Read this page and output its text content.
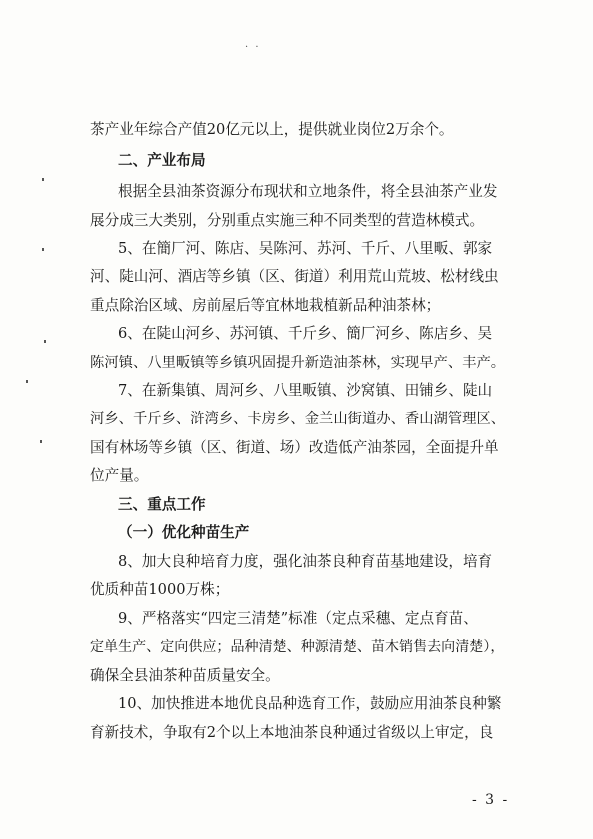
· ·
茶产业年综合产值20亿元以上，提供就业岗位2万余个。
二、产业布局
根据全县油茶资源分布现状和立地条件，将全县油茶产业发
展分成三大类别，分别重点实施三种不同类型的营造林模式。
5、在簡厂河、陈店、吴陈河、苏河、千斤、八里畈、郭家
河、陡山河、酒店等乡镇（区、街道）利用荒山荒坡、松材线虫
重点除治区域、房前屋后等宜林地栽植新品种油茶林；
6、在陡山河乡、苏河镇、千斤乡、簡厂河乡、陈店乡、吴
陈河镇、八里畈镇等乡镇巩固提升新造油茶林，实现早产、丰产。
7、在新集镇、周河乡、八里畈镇、沙窝镇、田铺乡、陡山
河乡、千斤乡、浒湾乡、卡房乡、金兰山街道办、香山湖管理区、
国有林场等乡镇（区、街道、场）改造低产油茶园，全面提升单
位产量。
三、重点工作
（一）优化种苗生产
8、加大良种培育力度，强化油茶良种育苗基地建设，培育
优质种苗1000万株；
9、严格落实“四定三清楚”标准（定点采穗、定点育苗、
定单生产、定向供应；品种清楚、种源清楚、苗木销售去向清楚），
确保全县油茶种苗质量安全。
10、加快推进本地优良品种选育工作，鼓励应用油茶良种繁
育新技术，争取有2个以上本地油茶良种通过省级以上审定，良
- 3 -
